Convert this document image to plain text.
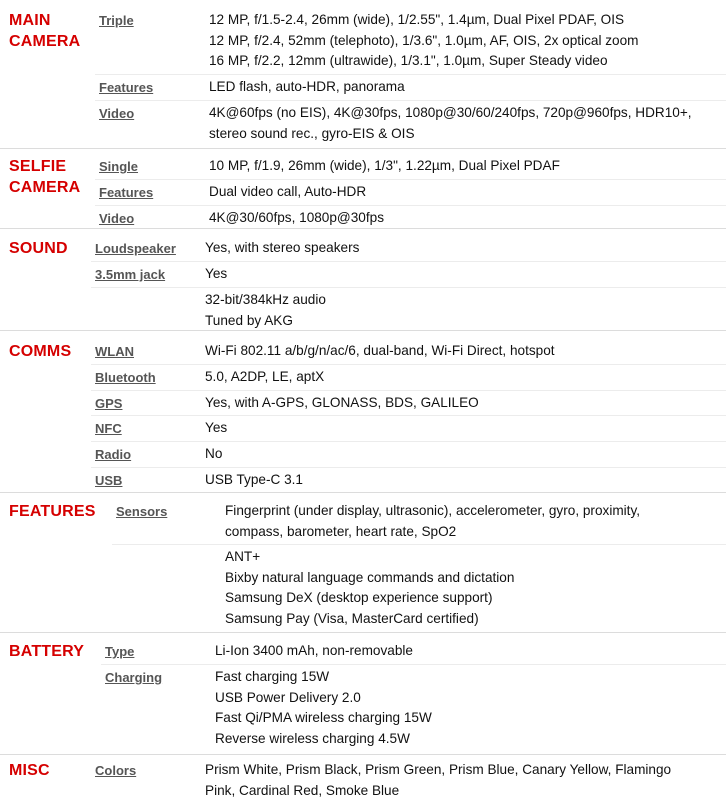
MAIN
CAMERA
Triple	12 MP, f/1.5-2.4, 26mm (wide), 1/2.55", 1.4µm, Dual Pixel PDAF, OIS
12 MP, f/2.4, 52mm (telephoto), 1/3.6", 1.0µm, AF, OIS, 2x optical zoom
16 MP, f/2.2, 12mm (ultrawide), 1/3.1", 1.0µm, Super Steady video
Features	LED flash, auto-HDR, panorama
Video	4K@60fps (no EIS), 4K@30fps, 1080p@30/60/240fps, 720p@960fps, HDR10+,
stereo sound rec., gyro-EIS & OIS
SELFIE
CAMERA
Single	10 MP, f/1.9, 26mm (wide), 1/3", 1.22µm, Dual Pixel PDAF
Features	Dual video call, Auto-HDR
Video	4K@30/60fps, 1080p@30fps
SOUND Loudspeaker Yes, with stereo speakers
3.5mm jack	Yes
32-bit/384kHz audio
Tuned by AKG
COMMS WLAN	Wi-Fi 802.11 a/b/g/n/ac/6, dual-band, Wi-Fi Direct, hotspot
Bluetooth	5.0, A2DP, LE, aptX
GPS	Yes, with A-GPS, GLONASS, BDS, GALILEO
NFC	Yes
Radio	No
USB	USB Type-C 3.1
FEATURES Sensors	Fingerprint (under display, ultrasonic), accelerometer, gyro, proximity,
compass, barometer, heart rate, SpO2
ANT+
Bixby natural language commands and dictation
Samsung DeX (desktop experience support)
Samsung Pay (Visa, MasterCard certified)
BATTERY Type	Li-Ion 3400 mAh, non-removable
Charging	Fast charging 15W
USB Power Delivery 2.0
Fast Qi/PMA wireless charging 15W
Reverse wireless charging 4.5W
MISC	Colors	Prism White, Prism Black, Prism Green, Prism Blue, Canary Yellow, Flamingo
Pink, Cardinal Red, Smoke Blue
